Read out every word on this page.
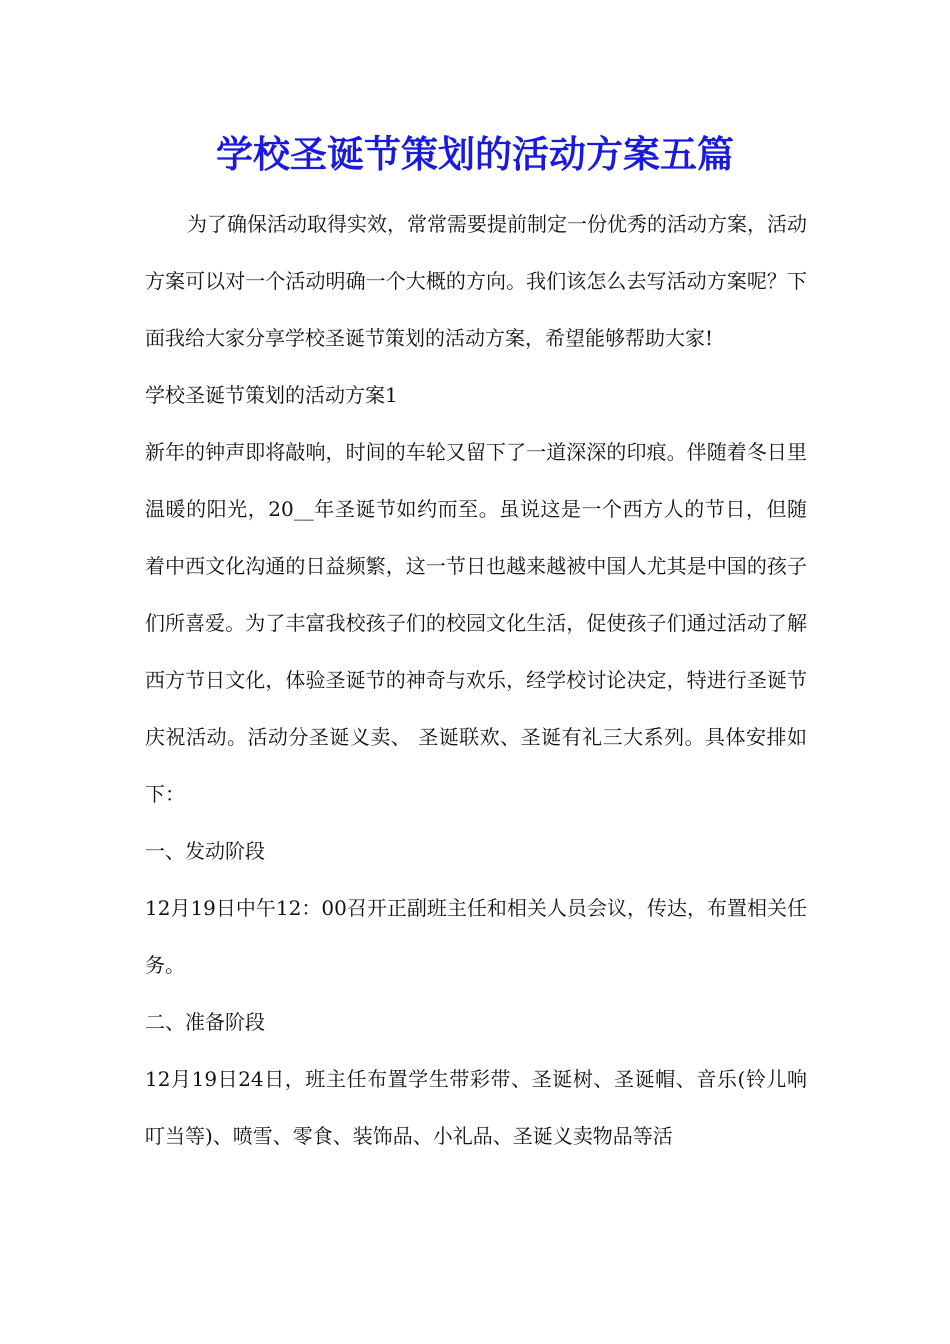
学校圣诞节策划的活动方案五篇

为了确保活动取得实效，常常需要提前制定一份优秀的活动方案，活动方案可以对一个活动明确一个大概的方向。我们该怎么去写活动方案呢？下面我给大家分享学校圣诞节策划的活动方案，希望能够帮助大家!

学校圣诞节策划的活动方案1

新年的钟声即将敲响，时间的车轮又留下了一道深深的印痕。伴随着冬日里温暖的阳光，20__年圣诞节如约而至。虽说这是一个西方人的节日，但随着中西文化沟通的日益频繁，这一节日也越来越被中国人尤其是中国的孩子们所喜爱。为了丰富我校孩子们的校园文化生活，促使孩子们通过活动了解西方节日文化，体验圣诞节的神奇与欢乐，经学校讨论决定，特进行圣诞节庆祝活动。活动分圣诞义卖、 圣诞联欢、圣诞有礼三大系列。具体安排如下：

一、发动阶段

12月19日中午12：00召开正副班主任和相关人员会议，传达，布置相关任务。

二、准备阶段

12月19日24日，班主任布置学生带彩带、圣诞树、圣诞帽、音乐(铃儿响叮当等)、喷雪、零食、装饰品、小礼品、圣诞义卖物品等活
